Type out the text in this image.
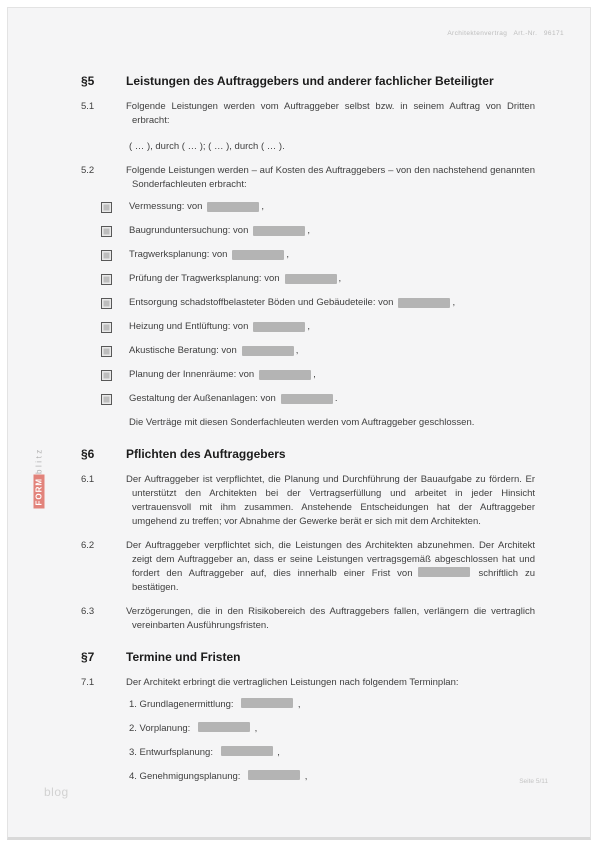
Architektenvertrag   Art.-Nr.   96171
§5	Leistungen des Auftraggebers und anderer fachlicher Beteiligter
5.1	Folgende Leistungen werden vom Auftraggeber selbst bzw. in seinem Auftrag von Dritten erbracht:

( … ), durch ( … ); ( … ), durch ( … ).
5.2	Folgende Leistungen werden – auf Kosten des Auftraggebers – von den nachstehend genannten Sonderfachleuten erbracht:

Vermessung: von	,
Baugrunduntersuchung: von	,
Tragwerksplanung: von	,
Prüfung der Tragwerksplanung: von	,
Entsorgung schadstoffbelasteter Böden und Gebäudeteile: von	,
Heizung und Entlüftung: von	,
Akustische Beratung: von	,
Planung der Innenräume: von	,
Gestaltung der Außenanlagen: von	.
Die Verträge mit diesen Sonderfachleuten werden vom Auftraggeber geschlossen.
§6	Pflichten des Auftraggebers
6.1	Der Auftraggeber ist verpflichtet, die Planung und Durchführung der Bauaufgabe zu fördern. Er unterstützt den Architekten bei der Vertragserfüllung und arbeitet in jeder Hinsicht vertrauensvoll mit ihm zusammen. Anstehende Entscheidungen hat der Auftraggeber umgehend zu treffen; vor Abnahme der Gewerke berät er sich mit dem Architekten.

6.2	Der Auftraggeber verpflichtet sich, die Leistungen des Architekten abzunehmen. Der Architekt zeigt dem Auftraggeber an, dass er seine Leistungen vertragsgemäß abgeschlossen hat und fordert den Auftraggeber auf, dies innerhalb einer Frist von	schriftlich zu bestätigen.

6.3	Verzögerungen, die in den Risikobereich des Auftraggebers fallen, verlängern die vertraglich vereinbarten Ausführungsfristen.

§7	Termine und Fristen
7.1	Der Architekt erbringt die vertraglichen Leistungen nach folgendem Terminplan:

1. Grundlagenermittlung:	,
2. Vorplanung:	,
3. Entwurfsplanung:	,
4. Genehmigungsplanung:	,
FORM
blitz
blog
Seite 5/11
